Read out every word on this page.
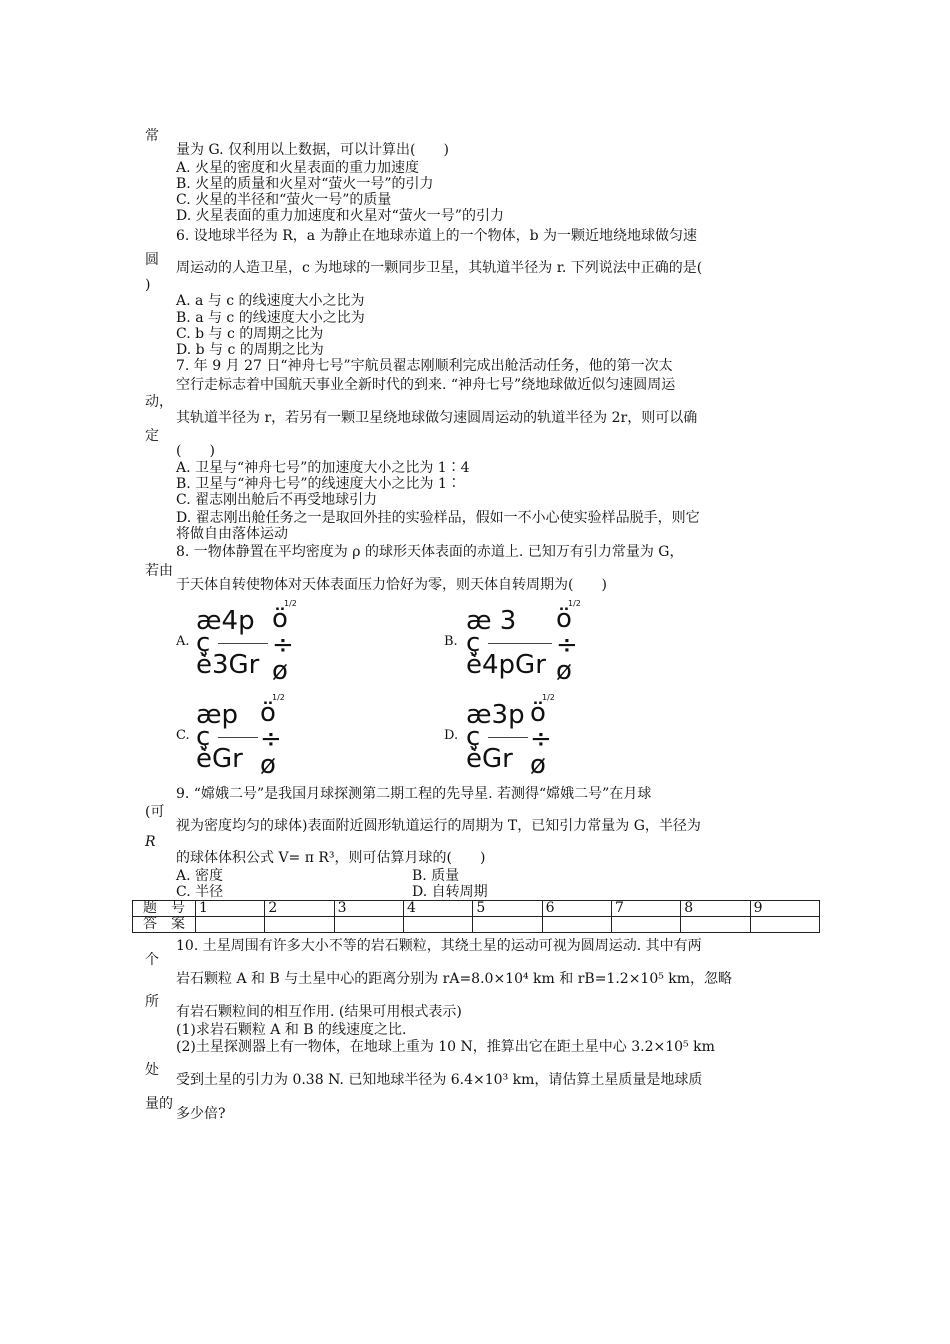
常
圆
)
动，
定
若由
(可
R
个
所
处
量的
量为 G. 仅利用以上数据，可以计算出(　　)
A. 火星的密度和火星表面的重力加速度
B. 火星的质量和火星对“萤火一号”的引力
C. 火星的半径和“萤火一号”的质量
D. 火星表面的重力加速度和火星对“萤火一号”的引力
6. 设地球半径为 R，a 为静止在地球赤道上的一个物体，b 为一颗近地绕地球做匀速
周运动的人造卫星，c 为地球的一颗同步卫星，其轨道半径为 r. 下列说法中正确的是(
A. a 与 c 的线速度大小之比为
B. a 与 c 的线速度大小之比为
C. b 与 c 的周期之比为
D. b 与 c 的周期之比为
7. 年 9 月 27 日“神舟七号”宇航员翟志刚顺利完成出舱活动任务，他的第一次太
空行走标志着中国航天事业全新时代的到来. “神舟七号”绕地球做近似匀速圆周运
其轨道半径为 r，若另有一颗卫星绕地球做匀速圆周运动的轨道半径为 2r，则可以确
(　　)
A. 卫星与“神舟七号”的加速度大小之比为 1∶4
B. 卫星与“神舟七号”的线速度大小之比为 1∶
C. 翟志刚出舱后不再受地球引力
D. 翟志刚出舱任务之一是取回外挂的实验样品，假如一不小心使实验样品脱手，则它
将做自由落体运动
8. 一物体静置在平均密度为 ρ 的球形天体表面的赤道上. 已知万有引力常量为 G，
于天体自转使物体对天体表面压力恰好为零，则天体自转周期为(　　)
A.
æ4p
ç
è3Gr
ö
÷
ø
1/2
B.
æ 3
ç
è4pGr
ö
÷
ø
1/2
C.
æp
ç
èGr
ö
÷
ø
1/2
D.
æ3p
ç
èGr
ö
÷
ø
1/2
9. “嫦娥二号”是我国月球探测第二期工程的先导星. 若测得“嫦娥二号”在月球
视为密度均匀的球体)表面附近圆形轨道运行的周期为 T，已知引力常量为 G，半径为
的球体体积公式 V= π R³，则可估算月球的(　　)
A. 密度	B. 质量
C. 半径	D. 自转周期
题　号	1	2	3	4	5	6	7	8	9
答　案									
10. 土星周围有许多大小不等的岩石颗粒，其绕土星的运动可视为圆周运动. 其中有两
岩石颗粒 A 和 B 与土星中心的距离分别为 rA=8.0×10⁴ km 和 rB=1.2×10⁵ km，忽略
有岩石颗粒间的相互作用. (结果可用根式表示)
(1)求岩石颗粒 A 和 B 的线速度之比.
(2)土星探测器上有一物体，在地球上重为 10 N，推算出它在距土星中心 3.2×10⁵ km
受到土星的引力为 0.38 N. 已知地球半径为 6.4×10³ km，请估算土星质量是地球质
多少倍?
